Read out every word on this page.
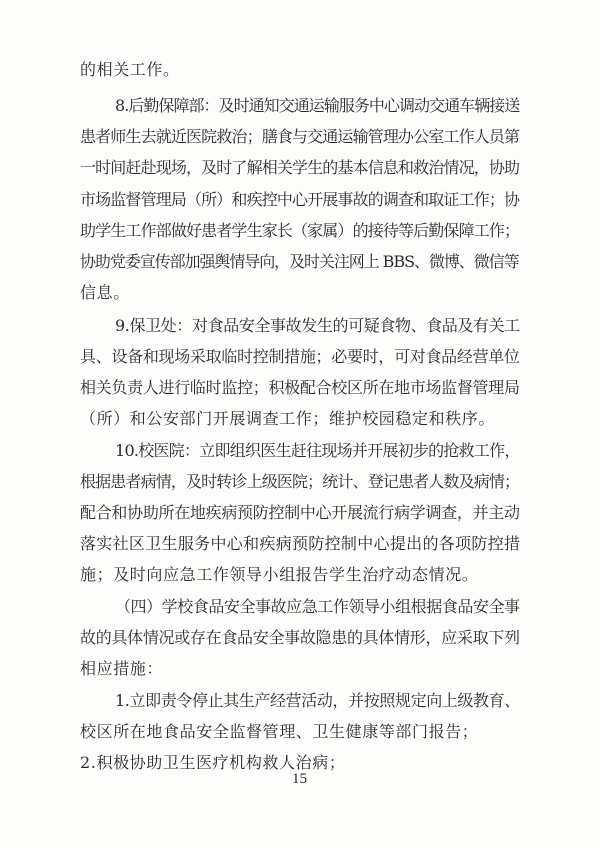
的相关工作。
8.后勤保障部：及时通知交通运输服务中心调动交通车辆接送
患者师生去就近医院救治；膳食与交通运输管理办公室工作人员第
一时间赶赴现场，及时了解相关学生的基本信息和救治情况，协助
市场监督管理局（所）和疾控中心开展事故的调查和取证工作；协
助学生工作部做好患者学生家长（家属）的接待等后勤保障工作；
协助党委宣传部加强舆情导向，及时关注网上 BBS、微博、微信等
信息。
9.保卫处：对食品安全事故发生的可疑食物、食品及有关工
具、设备和现场采取临时控制措施；必要时，可对食品经营单位
相关负责人进行临时监控；积极配合校区所在地市场监督管理局
（所）和公安部门开展调查工作；维护校园稳定和秩序。
10.校医院：立即组织医生赶往现场并开展初步的抢救工作，
根据患者病情，及时转诊上级医院；统计、登记患者人数及病情；
配合和协助所在地疾病预防控制中心开展流行病学调查，并主动
落实社区卫生服务中心和疾病预防控制中心提出的各项防控措
施；及时向应急工作领导小组报告学生治疗动态情况。
（四）学校食品安全事故应急工作领导小组根据食品安全事
故的具体情况或存在食品安全事故隐患的具体情形，应采取下列
相应措施：
1.立即责令停止其生产经营活动，并按照规定向上级教育、
校区所在地食品安全监督管理、卫生健康等部门报告；
2.积极协助卫生医疗机构救人治病；
15
